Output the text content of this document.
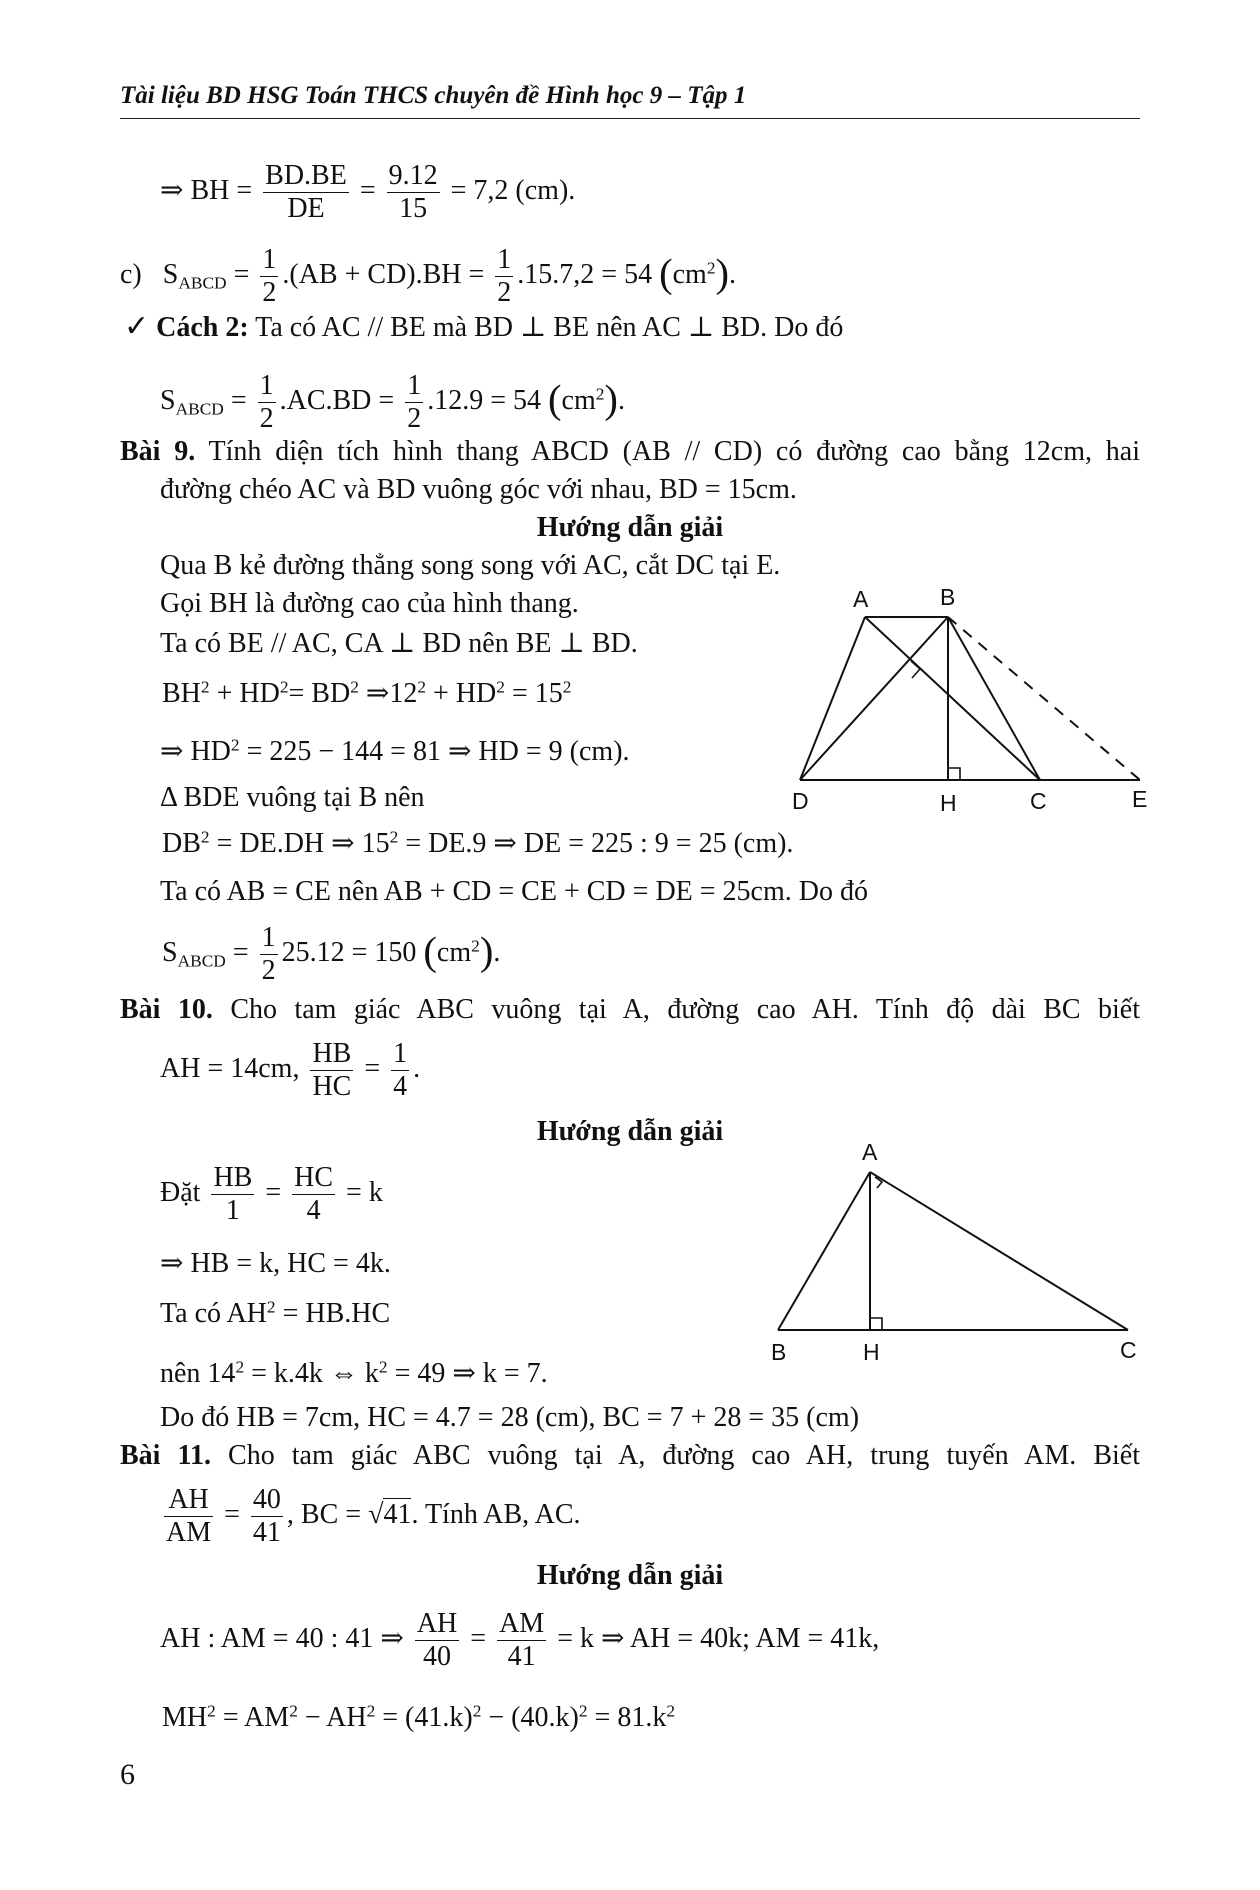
Tài liệu BD HSG Toán THCS chuyên đề Hình học 9 – Tập 1
⇒ BH = $\frac{BD.BE}{DE} = \frac{9.12}{15} = 7,2$ (cm).
c) $S_{ABCD} = \frac{1}{2} .(AB + CD).BH = \frac{1}{2} .15.7,2 = 54$ $(cm^2)$.
✓ Cách 2: Ta có AC // BE mà BD ⊥ BE nên AC ⊥ BD. Do đó
$S_{ABCD} = \frac{1}{2} .AC.BD = \frac{1}{2} .12.9 = 54$ $(cm^2)$.
Bài 9. Tính diện tích hình thang ABCD (AB // CD) có đường cao bằng 12cm, hai
đường chéo AC và BD vuông góc với nhau, BD = 15cm.
Hướng dẫn giải
Qua B kẻ đường thẳng song song với AC, cắt DC tại E.
Gọi BH là đường cao của hình thang.
Ta có BE // AC, CA ⊥ BD nên BE ⊥ BD.
$BH^2 + HD^2= BD^2$ $\Rightarrow 12^2 + HD^2 = 15^2$
⇒ $HD^2 = 225 - 144 = 81$ ⇒ HD = 9 (cm).
Δ BDE vuông tại B nên
$DB^2 = DE.DH$ ⇒ $15^2 = DE.9$ ⇒ DE = 225 : 9 = 25 (cm).
Ta có AB = CE nên AB + CD = CE + CD = DE = 25cm. Do đó
$S_{ABCD} = \frac{1}{2} 25.12 = 150$ $(cm^2)$.
A	B
D	H	C	E
Bài 10. Cho tam giác ABC vuông tại A, đường cao AH. Tính độ dài BC biết
AH = 14cm, $\frac{HB}{HC} = \frac{1}{4}$ .
Hướng dẫn giải
Đặt $\frac{HB}{1} = \frac{HC}{4} = k$
⇒ HB = k, HC = 4k.
Ta có $AH^2 = HB.HC$
nên $14^2 = k.4k$ ⇔ $k^2 = 49$ ⇒ k = 7.
Do đó HB = 7cm, HC = 4.7 = 28 (cm), BC = 7 + 28 = 35 (cm)
A
B	H	C
Bài 11. Cho tam giác ABC vuông tại A, đường cao AH, trung tuyến AM. Biết
$\frac{AH}{AM} = \frac{40}{41}$ , BC = √41. Tính AB, AC.
Hướng dẫn giải
AH : AM = 40 : 41 ⇒ $\frac{AH}{40} = \frac{AM}{41} = k$ ⇒ AH = 40k; AM = 41k,
$MH^2 = AM^2 - AH^2 = (41.k)^2 - (40.k)^2 = 81.k^2$
6
